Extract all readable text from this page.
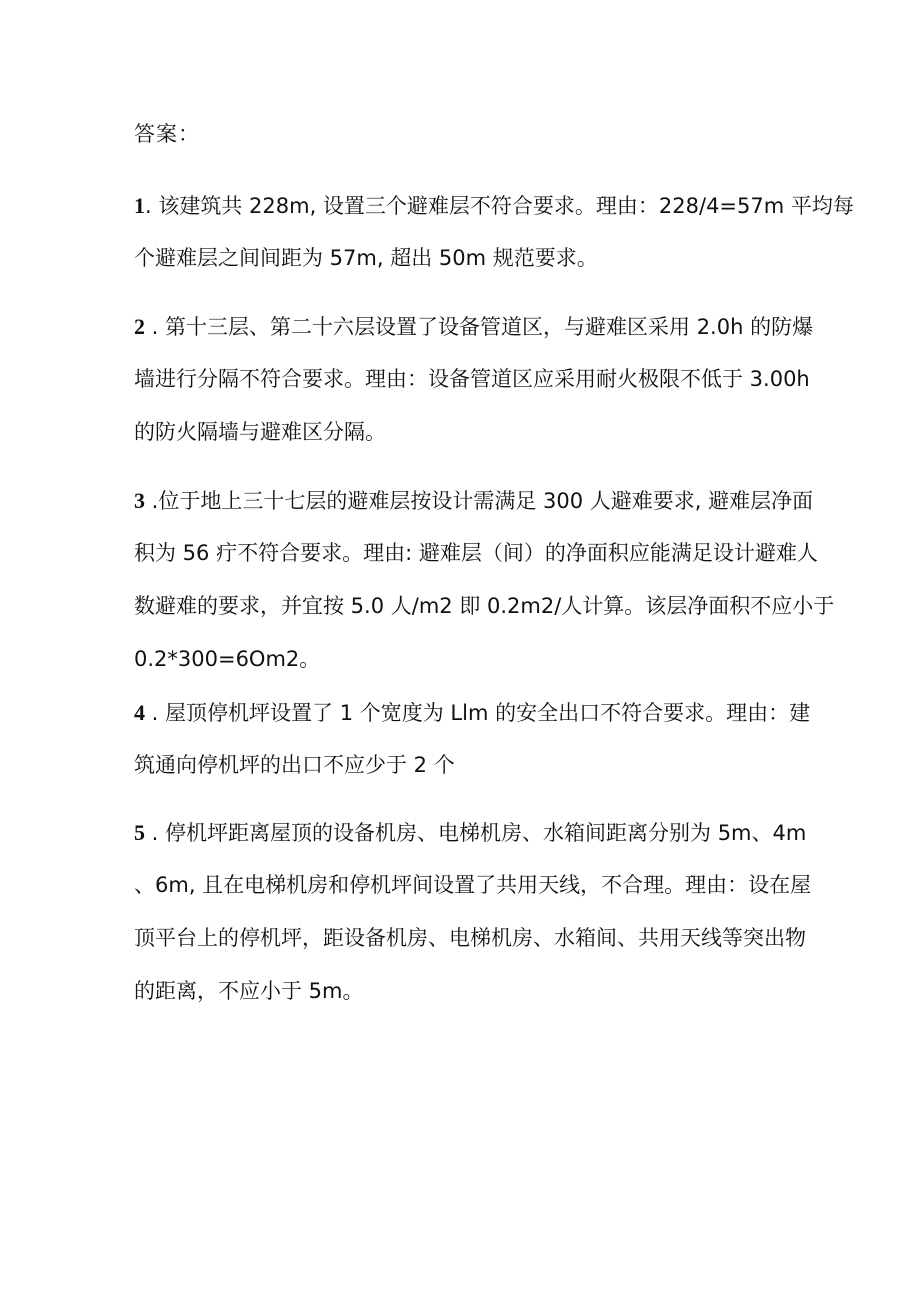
答案：
1. 该建筑共 228m, 设置三个避难层不符合要求。理由：228/4=57m 平均每
个避难层之间间距为 57m, 超出 50m 规范要求。
2 . 第十三层、第二十六层设置了设备管道区，与避难区采用 2.0h 的防爆
墙进行分隔不符合要求。理由：设备管道区应采用耐火极限不低于 3.00h
的防火隔墙与避难区分隔。
3 .位于地上三十七层的避难层按设计需满足 300 人避难要求, 避难层净面
积为 56 疔不符合要求。理由: 避难层（间）的净面积应能满足设计避难人
数避难的要求，并宜按 5.0 人/m2 即 0.2m2/人计算。该层净面积不应小于
0.2*300=6Om2。
4 . 屋顶停机坪设置了 1 个宽度为 Llm 的安全出口不符合要求。理由：建
筑通向停机坪的出口不应少于 2 个
5 . 停机坪距离屋顶的设备机房、电梯机房、水箱间距离分别为 5m、4m
、6m, 且在电梯机房和停机坪间设置了共用天线，不合理。理由：设在屋
顶平台上的停机坪，距设备机房、电梯机房、水箱间、共用天线等突出物
的距离，不应小于 5m。
